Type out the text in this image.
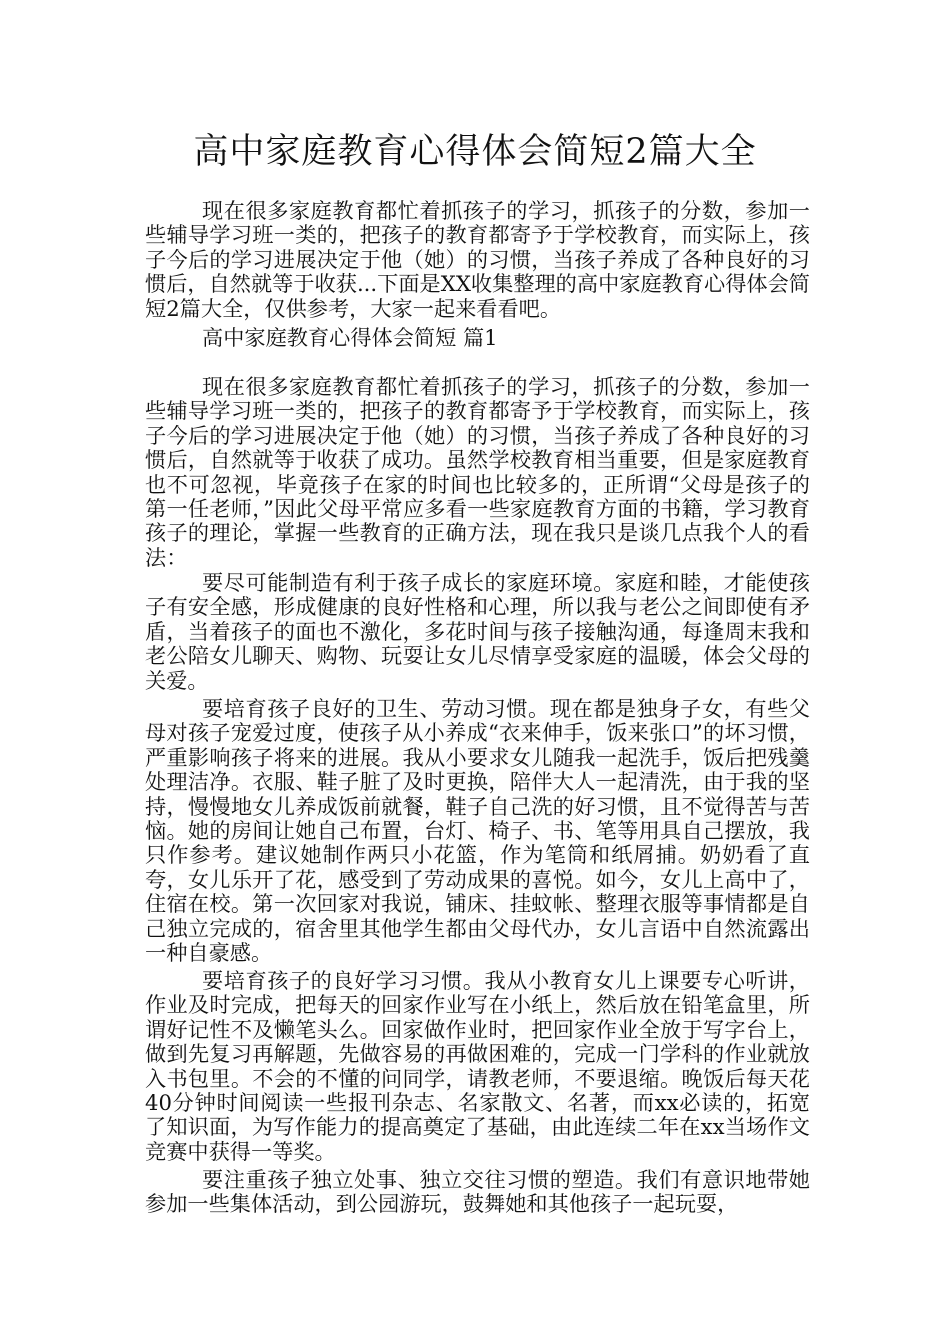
高中家庭教育心得体会简短2篇大全

现在很多家庭教育都忙着抓孩子的学习，抓孩子的分数，参加一些辅导学习班一类的，把孩子的教育都寄予于学校教育，而实际上，孩子今后的学习进展决定于他（她）的习惯，当孩子养成了各种良好的习惯后，自然就等于收获...下面是XX收集整理的高中家庭教育心得体会简短2篇大全，仅供参考，大家一起来看看吧。

高中家庭教育心得体会简短 篇1

现在很多家庭教育都忙着抓孩子的学习，抓孩子的分数，参加一些辅导学习班一类的，把孩子的教育都寄予于学校教育，而实际上，孩子今后的学习进展决定于他（她）的习惯，当孩子养成了各种良好的习惯后，自然就等于收获了成功。虽然学校教育相当重要，但是家庭教育也不可忽视，毕竟孩子在家的时间也比较多的，正所谓“父母是孩子的第一任老师，”因此父母平常应多看一些家庭教育方面的书籍，学习教育孩子的理论，掌握一些教育的正确方法，现在我只是谈几点我个人的看法：

要尽可能制造有利于孩子成长的家庭环境。家庭和睦，才能使孩子有安全感，形成健康的良好性格和心理，所以我与老公之间即使有矛盾，当着孩子的面也不激化，多花时间与孩子接触沟通，每逢周末我和老公陪女儿聊天、购物、玩耍让女儿尽情享受家庭的温暖，体会父母的关爱。

要培育孩子良好的卫生、劳动习惯。现在都是独身子女，有些父母对孩子宠爱过度，使孩子从小养成“衣来伸手，饭来张口”的坏习惯，严重影响孩子将来的进展。我从小要求女儿随我一起洗手，饭后把残羹处理洁净。衣服、鞋子脏了及时更换，陪伴大人一起清洗，由于我的坚持，慢慢地女儿养成饭前就餐，鞋子自己洗的好习惯，且不觉得苦与苦恼。她的房间让她自己布置，台灯、椅子、书、笔等用具自己摆放，我只作参考。建议她制作两只小花篮，作为笔筒和纸屑捕。奶奶看了直夸，女儿乐开了花，感受到了劳动成果的喜悦。如今，女儿上高中了，住宿在校。第一次回家对我说，铺床、挂蚊帐、整理衣服等事情都是自己独立完成的，宿舍里其他学生都由父母代办，女儿言语中自然流露出一种自豪感。

要培育孩子的良好学习习惯。我从小教育女儿上课要专心听讲，作业及时完成，把每天的回家作业写在小纸上，然后放在铅笔盒里，所谓好记性不及懒笔头么。回家做作业时，把回家作业全放于写字台上，做到先复习再解题，先做容易的再做困难的，完成一门学科的作业就放入书包里。不会的不懂的问同学，请教老师，不要退缩。晚饭后每天花40分钟时间阅读一些报刊杂志、名家散文、名著，而xx必读的，拓宽了知识面，为写作能力的提高奠定了基础，由此连续二年在xx当场作文竞赛中获得一等奖。

要注重孩子独立处事、独立交往习惯的塑造。我们有意识地带她参加一些集体活动，到公园游玩，鼓舞她和其他孩子一起玩耍，
